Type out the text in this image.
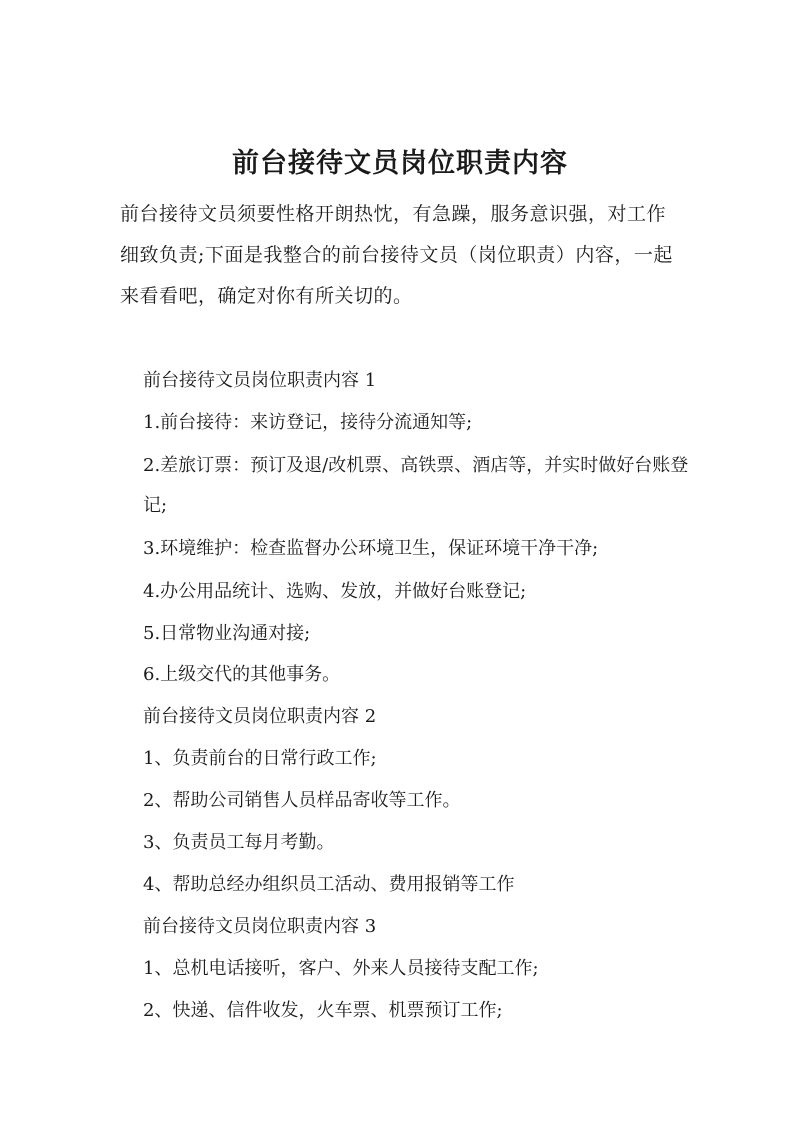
前台接待文员岗位职责内容

前台接待文员须要性格开朗热忱，有急躁，服务意识强，对工作细致负责;下面是我整合的前台接待文员（岗位职责）内容，一起来看看吧，确定对你有所关切的。

前台接待文员岗位职责内容 1

1.前台接待：来访登记，接待分流通知等;

2.差旅订票：预订及退/改机票、高铁票、酒店等，并实时做好台账登记;

3.环境维护：检查监督办公环境卫生，保证环境干净干净;

4.办公用品统计、选购、发放，并做好台账登记;

5.日常物业沟通对接;

6.上级交代的其他事务。

前台接待文员岗位职责内容 2

1、负责前台的日常行政工作;

2、帮助公司销售人员样品寄收等工作。

3、负责员工每月考勤。

4、帮助总经办组织员工活动、费用报销等工作

前台接待文员岗位职责内容 3

1、总机电话接听，客户、外来人员接待支配工作;

2、快递、信件收发，火车票、机票预订工作;
